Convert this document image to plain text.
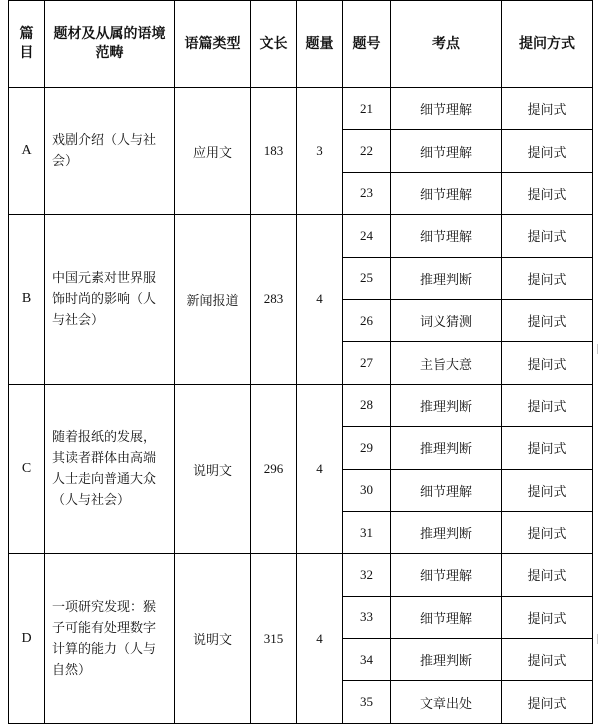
篇目	题材及从属的语境范畴	语篇类型	文长	题量	题号	考点	提问方式
A	戏剧介绍（人与社会）	应用文	183	3	21	细节理解	提问式
					22	细节理解	提问式
					23	细节理解	提问式
B	中国元素对世界服饰时尚的影响（人与社会）	新闻报道	283	4	24	细节理解	提问式
					25	推理判断	提问式
					26	词义猜测	提问式
					27	主旨大意	提问式
C	随着报纸的发展，其读者群体由高端人士走向普通大众（人与社会）	说明文	296	4	28	推理判断	提问式
					29	推理判断	提问式
					30	细节理解	提问式
					31	推理判断	提问式
D	一项研究发现：猴子可能有处理数字计算的能力（人与自然）	说明文	315	4	32	细节理解	提问式
					33	细节理解	提问式
					34	推理判断	提问式
					35	文章出处	提问式
